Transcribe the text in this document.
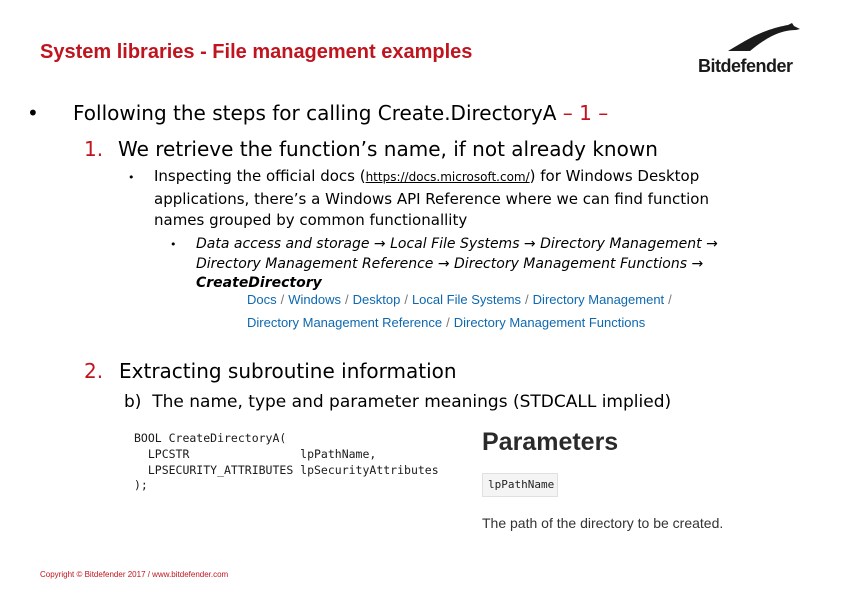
System libraries - File management examples
Bitdefender
• Following the steps for calling Create.DirectoryA – 1 –
1. We retrieve the function’s name, if not already known
• Inspecting the official docs (https://docs.microsoft.com/) for Windows Desktop applications, there’s a Windows API Reference where we can find function names grouped by common functionallity
• Data access and storage → Local File Systems → Directory Management → Directory Management Reference → Directory Management Functions → CreateDirectory
Docs / Windows / Desktop / Local File Systems / Directory Management /
Directory Management Reference / Directory Management Functions
2. Extracting subroutine information
b) The name, type and parameter meanings (STDCALL implied)
BOOL CreateDirectoryA(
LPCSTR                lpPathName,
LPSECURITY_ATTRIBUTES lpSecurityAttributes
);
Parameters
lpPathName
The path of the directory to be created.
Copyright © Bitdefender 2017 / www.bitdefender.com
